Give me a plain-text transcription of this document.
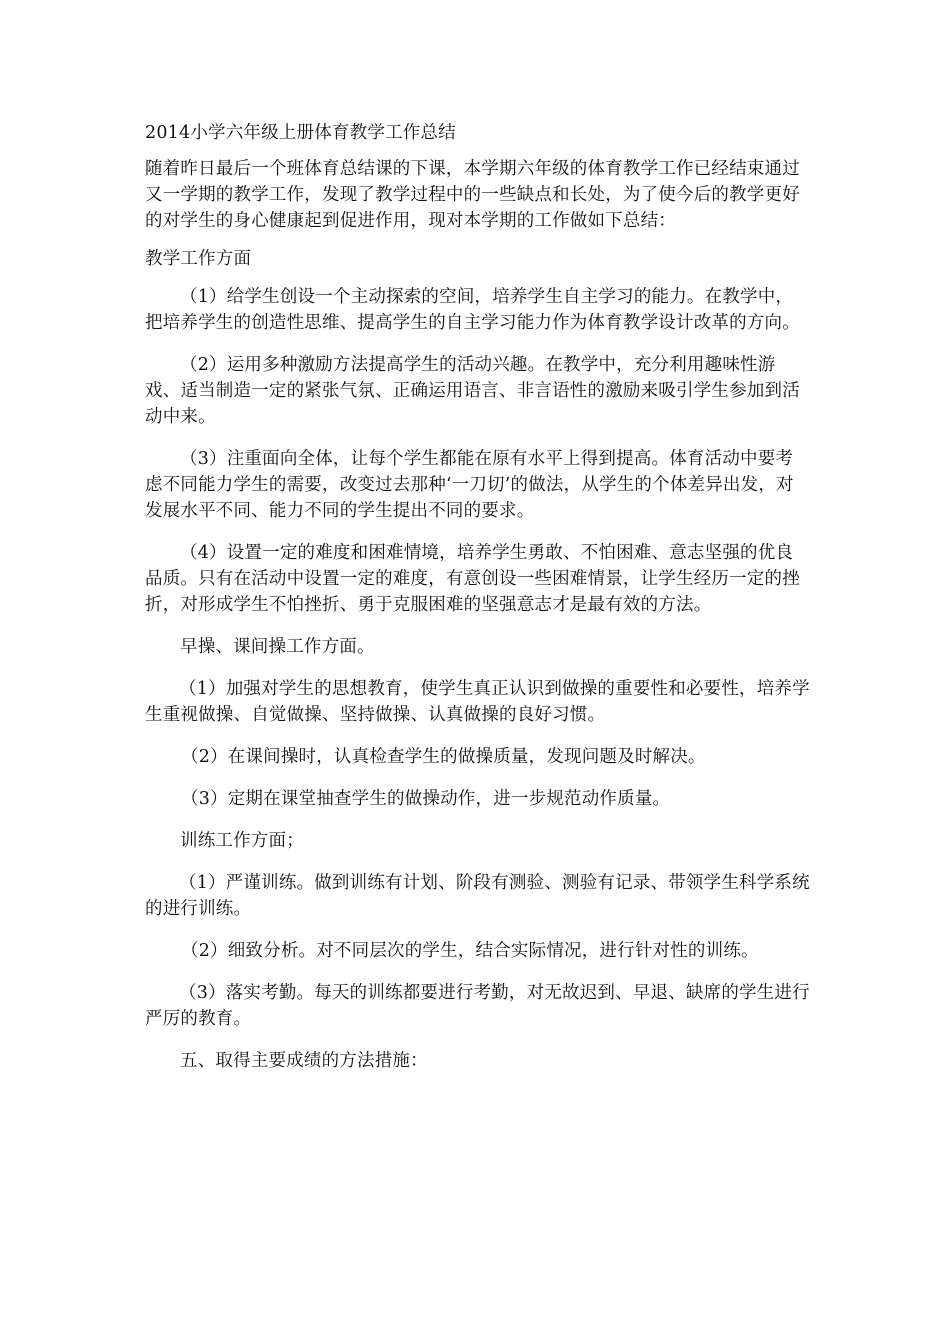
2014小学六年级上册体育教学工作总结

随着昨日最后一个班体育总结课的下课，本学期六年级的体育教学工作已经结束通过又一学期的教学工作，发现了教学过程中的一些缺点和长处，为了使今后的教学更好的对学生的身心健康起到促进作用，现对本学期的工作做如下总结：

教学工作方面

（1）给学生创设一个主动探索的空间，培养学生自主学习的能力。在教学中，把培养学生的创造性思维、提高学生的自主学习能力作为体育教学设计改革的方向。

（2）运用多种激励方法提高学生的活动兴趣。在教学中，充分利用趣味性游戏、适当制造一定的紧张气氛、正确运用语言、非言语性的激励来吸引学生参加到活动中来。

（3）注重面向全体，让每个学生都能在原有水平上得到提高。体育活动中要考虑不同能力学生的需要，改变过去那种‘一刀切’的做法，从学生的个体差异出发，对发展水平不同、能力不同的学生提出不同的要求。

（4）设置一定的难度和困难情境，培养学生勇敢、不怕困难、意志坚强的优良品质。只有在活动中设置一定的难度，有意创设一些困难情景，让学生经历一定的挫折，对形成学生不怕挫折、勇于克服困难的坚强意志才是最有效的方法。

早操、课间操工作方面。

（1）加强对学生的思想教育，使学生真正认识到做操的重要性和必要性，培养学生重视做操、自觉做操、坚持做操、认真做操的良好习惯。

（2）在课间操时，认真检查学生的做操质量，发现问题及时解决。

（3）定期在课堂抽查学生的做操动作，进一步规范动作质量。

训练工作方面；

（1）严谨训练。做到训练有计划、阶段有测验、测验有记录、带领学生科学系统的进行训练。

（2）细致分析。对不同层次的学生，结合实际情况，进行针对性的训练。

（3）落实考勤。每天的训练都要进行考勤，对无故迟到、早退、缺席的学生进行严厉的教育。

五、取得主要成绩的方法措施：
